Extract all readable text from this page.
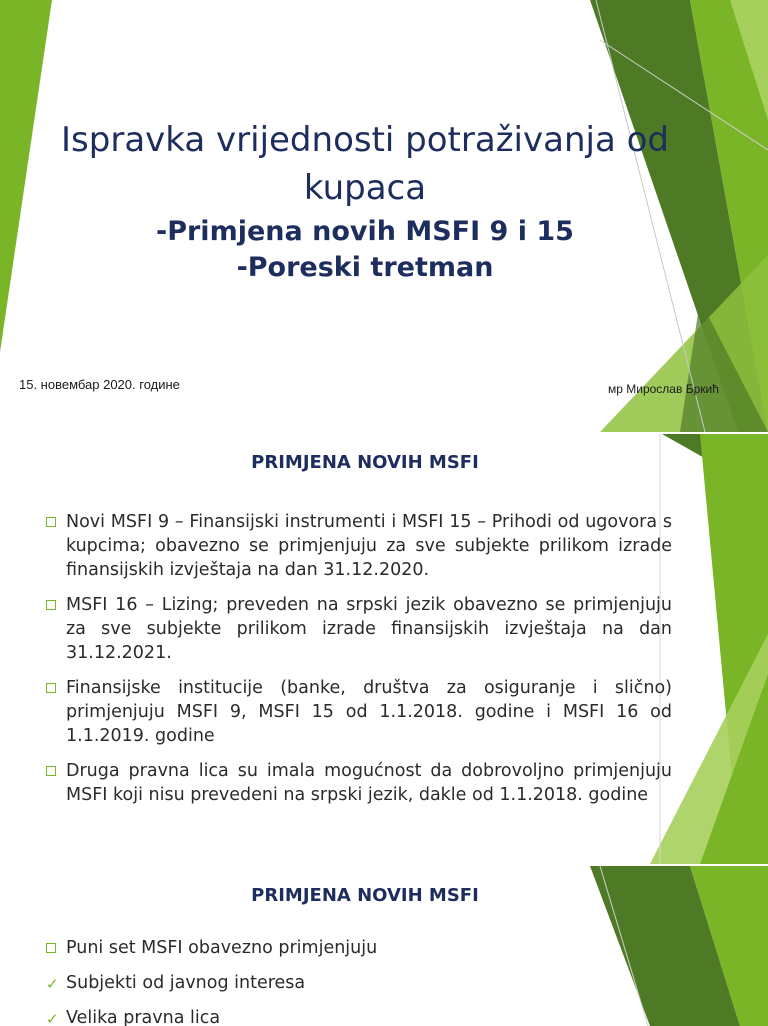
Ispravka vrijednosti potraživanja od kupaca
-Primjena novih MSFI 9 i 15
-Poreski tretman
15. новембар 2020. године	мр Мирослав Бркић
PRIMJENA NOVIH MSFI
Novi MSFI 9 – Finansijski instrumenti i MSFI 15 – Prihodi od ugovora s kupcima; obavezno se primjenjuju za sve subjekte prilikom izrade finansijskih izvještaja na dan 31.12.2020.
MSFI 16 – Lizing; preveden na srpski jezik obavezno se primjenjuju za sve subjekte prilikom izrade finansijskih izvještaja na dan 31.12.2021.
Finansijske institucije (banke, društva za osiguranje i slično) primjenjuju MSFI 9, MSFI 15 od 1.1.2018. godine i MSFI 16 od 1.1.2019. godine
Druga pravna lica su imala mogućnost da dobrovoljno primjenjuju MSFI koji nisu prevedeni na srpski jezik, dakle od 1.1.2018. godine
PRIMJENA NOVIH MSFI
Puni set MSFI obavezno primjenjuju
✓ Subjekti od javnog interesa
✓ Velika pravna lica
